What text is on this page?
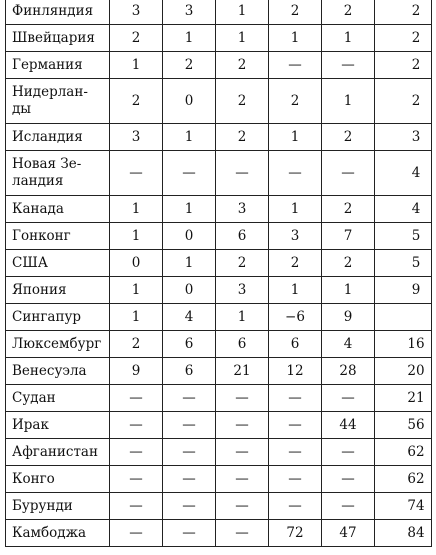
Финляндия	3	3	1	2	2	2
Швейцария	2	1	1	1	1	2
Германия	1	2	2	—	—	2
Нидерлан-
ды	2	0	2	2	1	2
Исландия	3	1	2	1	2	3
Новая Зе-
ландия	—	—	—	—	—	4
Канада	1	1	3	1	2	4
Гонконг	1	0	6	3	7	5
США	0	1	2	2	2	5
Япония	1	0	3	1	1	9
Сингапур	1	4	1	−6	9	
Люксембург	2	6	6	6	4	16
Венесуэла	9	6	21	12	28	20
Судан	—	—	—	—	—	21
Ирак	—	—	—	—	44	56
Афганистан	—	—	—	—	—	62
Конго	—	—	—	—	—	62
Бурунди	—	—	—	—	—	74
Камбоджа	—	—	—	72	47	84
